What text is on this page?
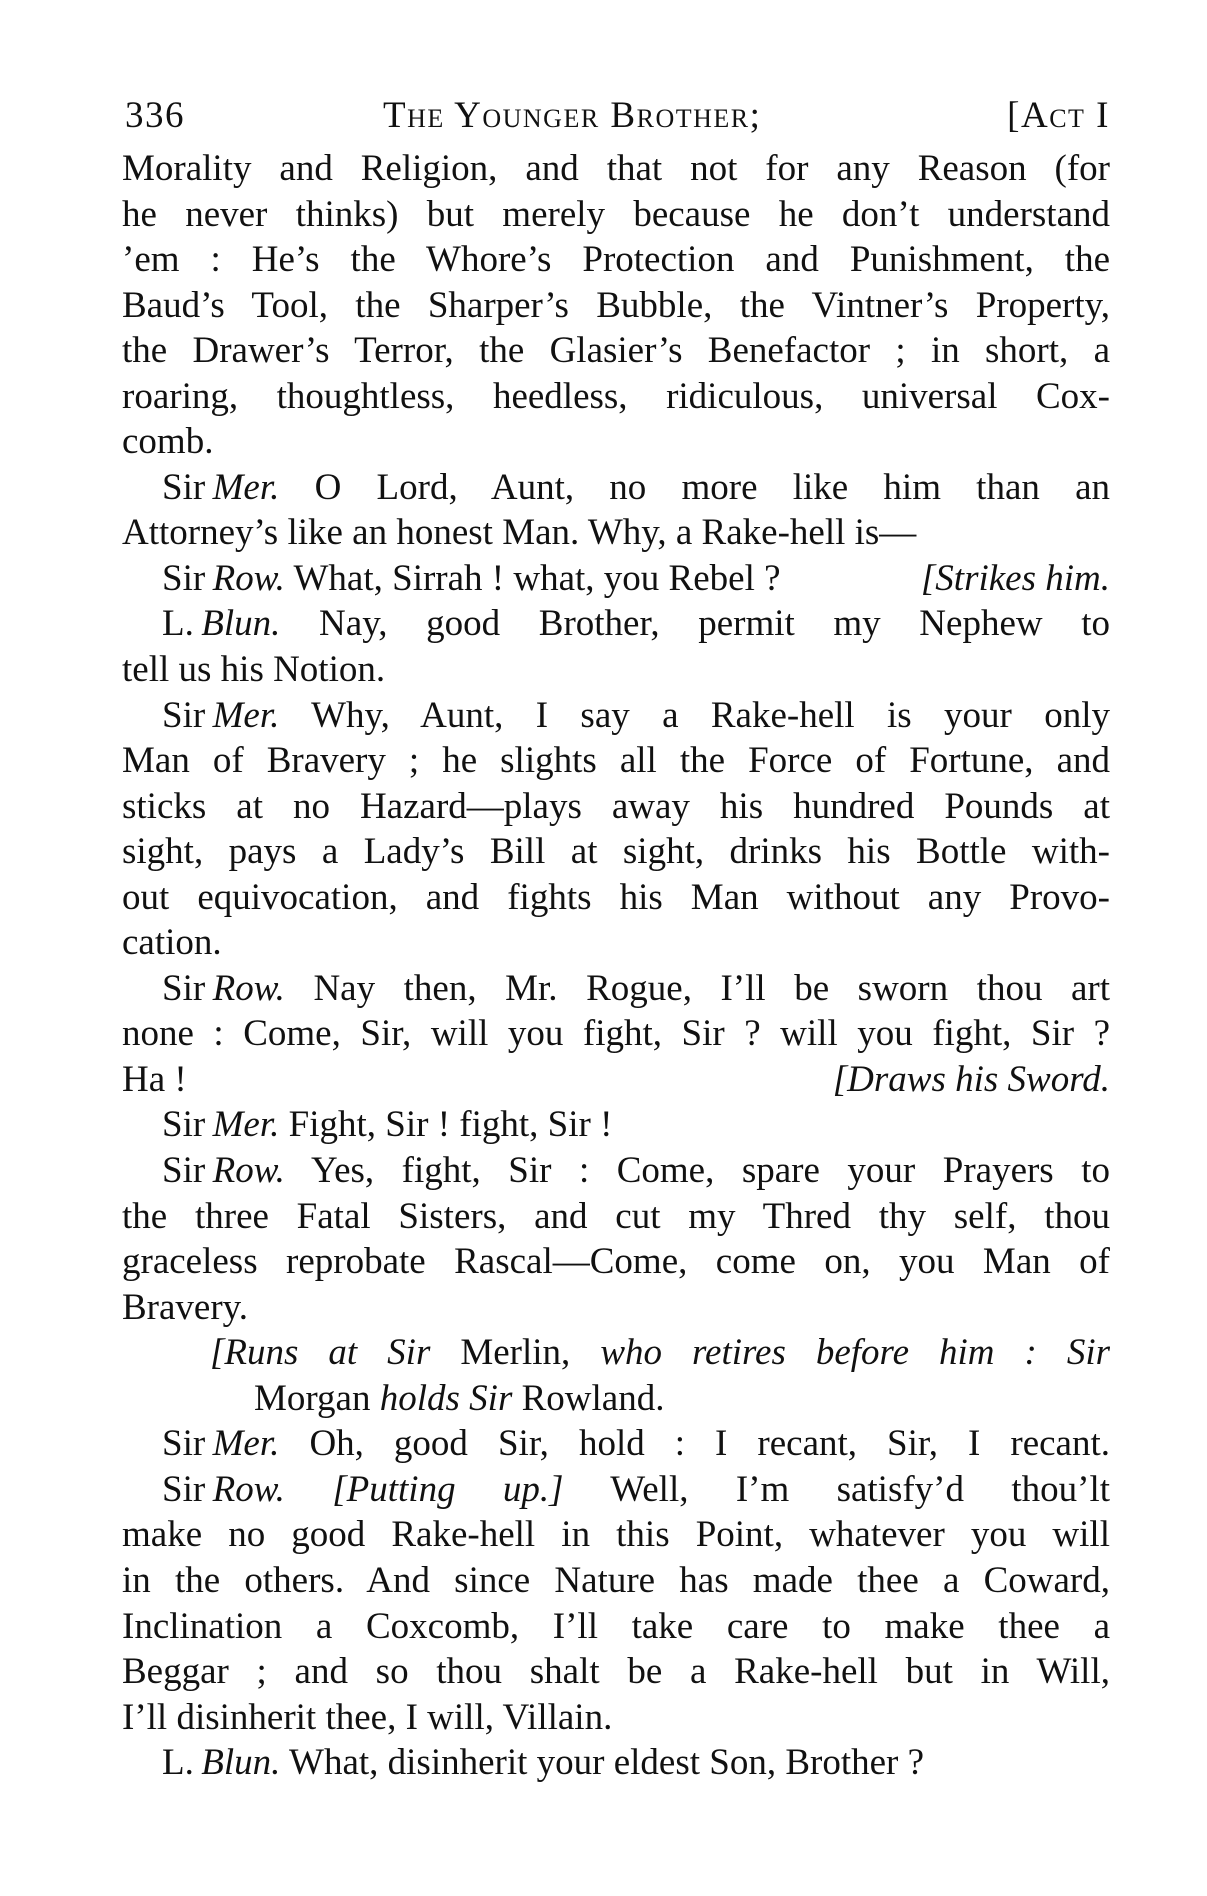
336	The Younger Brother;	[Act I
Morality and Religion, and that not for any Reason (for
he never thinks) but merely because he don’t understand
’em : He’s the Whore’s Protection and Punishment, the
Baud’s Tool, the Sharper’s Bubble, the Vintner’s Property,
the Drawer’s Terror, the Glasier’s Benefactor ; in short, a
roaring, thoughtless, heedless, ridiculous, universal Cox-
comb.
Sir  Mer. O Lord, Aunt, no more like him than an
Attorney’s like an honest Man. Why, a Rake-hell is—
Sir  Row. What, Sirrah ! what, you Rebel ?	[Strikes him.
L.  Blun. Nay, good Brother, permit my Nephew to
tell us his Notion.
Sir  Mer. Why, Aunt, I say a Rake-hell is your only
Man of Bravery ; he slights all the Force of Fortune, and
sticks at no Hazard—plays away his hundred Pounds at
sight, pays a Lady’s Bill at sight, drinks his Bottle with-
out equivocation, and fights his Man without any Provo-
cation.
Sir  Row. Nay then, Mr. Rogue, I’ll be sworn thou art
none : Come, Sir, will you fight, Sir ? will you fight, Sir ?
Ha !	[Draws his Sword.
Sir  Mer. Fight, Sir ! fight, Sir !
Sir  Row. Yes, fight, Sir : Come, spare your Prayers to
the three Fatal Sisters, and cut my Thred thy self, thou
graceless reprobate Rascal—Come, come on, you Man of
Bravery.
[Runs at Sir Merlin, who retires before him : Sir
Morgan holds Sir Rowland.
Sir  Mer. Oh, good Sir, hold : I recant, Sir, I recant.
Sir  Row. [Putting up.] Well, I’m satisfy’d thou’lt
make no good Rake-hell in this Point, whatever you will
in the others. And since Nature has made thee a Coward,
Inclination a Coxcomb, I’ll take care to make thee a
Beggar ; and so thou shalt be a Rake-hell but in Will,
I’ll disinherit thee, I will, Villain.
L.  Blun. What, disinherit your eldest Son, Brother ?
